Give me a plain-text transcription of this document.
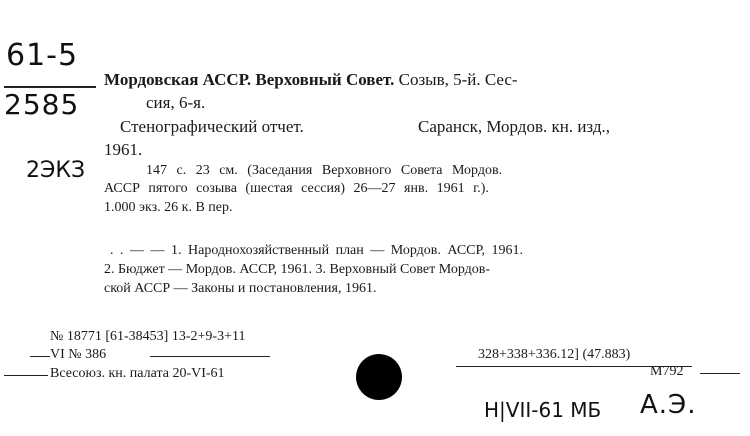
61-5
2585
2ЭКЗ
Мордовская АССР. Верховный Совет. Созыв, 5-й. Сес-
сия, 6-я.
Стенографический отчет.	Саранск, Мордов. кн. изд.,
1961.
147 с. 23 см. (Заседания Верховного Совета Мордов.
АССР пятого созыва (шестая сессия) 26—27 янв. 1961 г.).
1.000 экз. 26 к. В пер.
. . — — 1. Народнохозяйственный план — Мордов. АССР, 1961.
2. Бюджет — Мордов. АССР, 1961. 3. Верховный Совет Мордов-
ской АССР — Законы и постановления, 1961.
№ 18771 [61-38453] 13-2+9-3+11
VI № 386
Всесоюз. кн. палата 20-VI-61
328+338+336.12] (47.883)
М792
H|VII-61 МБ А.Э.
